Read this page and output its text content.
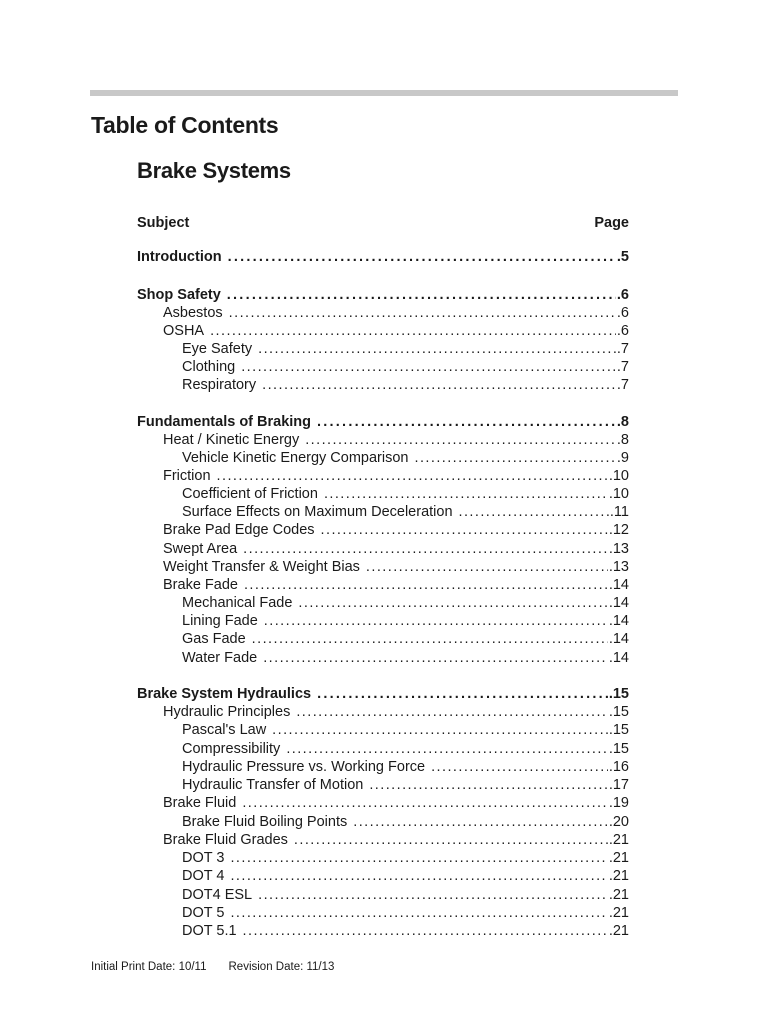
Table of Contents
Brake Systems
Subject	Page
Introduction . . .	.5
Shop Safety . . .	.6
Asbestos . . .	.6
OSHA . . .	.6
Eye Safety . . .	.7
Clothing . . .	.7
Respiratory . . .	.7
Fundamentals of Braking . . .	.8
Heat / Kinetic Energy . . .	.8
Vehicle Kinetic Energy Comparison . . .	.9
Friction . . .	.10
Coefficient of Friction . . .	.10
Surface Effects on Maximum Deceleration . . .	.11
Brake Pad Edge Codes . . .	.12
Swept Area . . .	.13
Weight Transfer & Weight Bias . . .	.13
Brake Fade . . .	.14
Mechanical Fade . . .	.14
Lining Fade . . .	.14
Gas Fade . . .	.14
Water Fade . . .	.14
Brake System Hydraulics . . .	.15
Hydraulic Principles . . .	.15
Pascal's Law . . .	.15
Compressibility . . .	.15
Hydraulic Pressure vs. Working Force . . .	.16
Hydraulic Transfer of Motion . . .	.17
Brake Fluid . . .	.19
Brake Fluid Boiling Points . . .	.20
Brake Fluid Grades . . .	.21
DOT 3 . . .	.21
DOT 4 . . .	.21
DOT4 ESL . . .	.21
DOT 5 . . .	.21
DOT 5.1 . . .	.21
Initial Print Date: 10/11 Revision Date: 11/13
